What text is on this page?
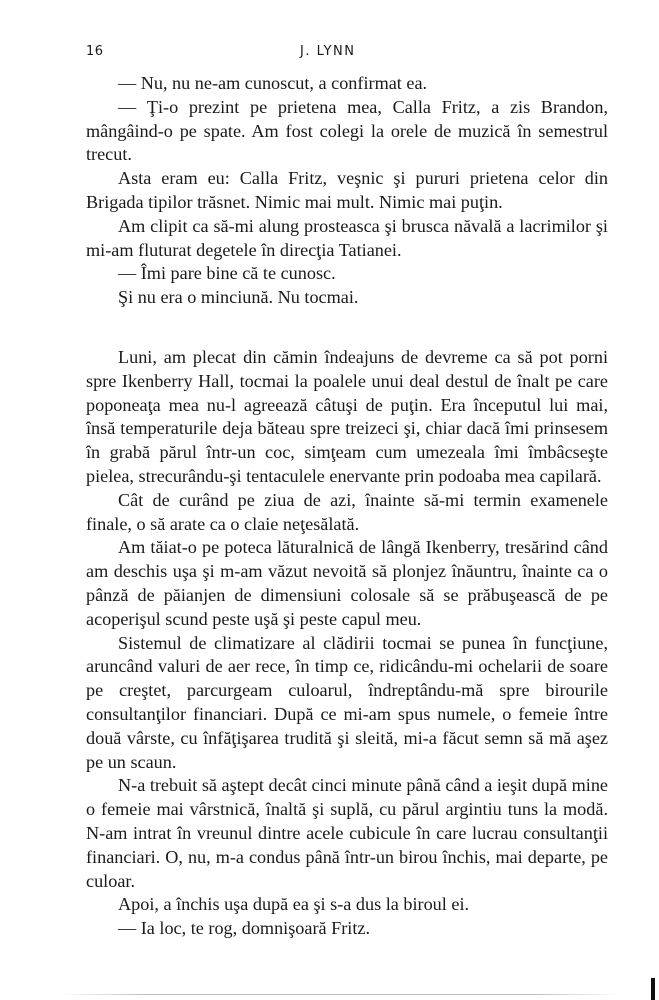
16	J. LYNN

— Nu, nu ne-am cunoscut, a confirmat ea.

— Ţi-o prezint pe prietena mea, Calla Fritz, a zis Brandon, mângâind-o pe spate. Am fost colegi la orele de muzică în semestrul trecut.

Asta eram eu: Calla Fritz, veşnic şi pururi prietena celor din Brigada tipilor trăsnet. Nimic mai mult. Nimic mai puţin.

Am clipit ca să-mi alung prosteasca şi brusca năvală a lacrimilor şi mi-am fluturat degetele în direcţia Tatianei.

— Îmi pare bine că te cunosc.

Şi nu era o minciună. Nu tocmai.

Luni, am plecat din cămin îndeajuns de devreme ca să pot porni spre Ikenberry Hall, tocmai la poalele unui deal destul de înalt pe care poponeaţa mea nu-l agreează câtuşi de puţin. Era începutul lui mai, însă temperaturile deja băteau spre treizeci şi, chiar dacă îmi prinsesem în grabă părul într-un coc, simţeam cum umezeala îmi îmbâcseşte pielea, strecurându-şi tentaculele enervante prin podoaba mea capilară.

Cât de curând pe ziua de azi, înainte să-mi termin examenele finale, o să arate ca o claie neţesălată.

Am tăiat-o pe poteca lăturalnică de lângă Ikenberry, tresărind când am deschis uşa şi m-am văzut nevoită să plonjez înăuntru, înainte ca o pânză de păianjen de dimensiuni colosale să se prăbuşească de pe acoperişul scund peste uşă şi peste capul meu.

Sistemul de climatizare al clădirii tocmai se punea în funcţiune, aruncând valuri de aer rece, în timp ce, ridicându-mi ochelarii de soare pe creştet, parcurgeam culoarul, îndreptându-mă spre birourile consultanţilor financiari. După ce mi-am spus numele, o femeie între două vârste, cu înfăţişarea trudită şi sleită, mi-a făcut semn să mă aşez pe un scaun.

N-a trebuit să aştept decât cinci minute până când a ieşit după mine o femeie mai vârstnică, înaltă şi suplă, cu părul argintiu tuns la modă. N-am intrat în vreunul dintre acele cubicule în care lucrau consultanţii financiari. O, nu, m-a condus până într-un birou închis, mai departe, pe culoar.

Apoi, a închis uşa după ea şi s-a dus la biroul ei.

— Ia loc, te rog, domnişoară Fritz.
